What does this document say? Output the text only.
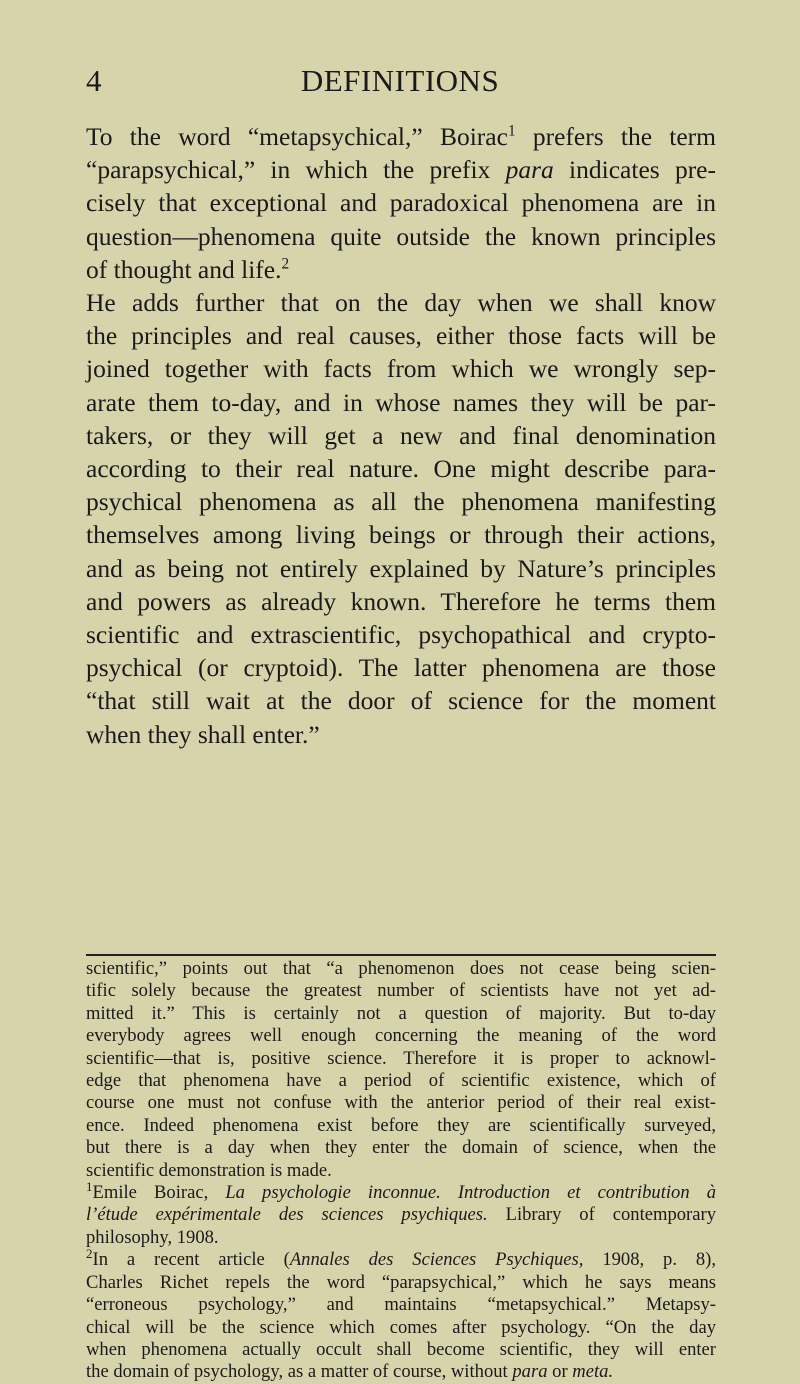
4	DEFINITIONS

To the word “metapsychical,” Boirac$^1$ prefers the term
“parapsychical,” in which the prefix para indicates pre-
cisely that exceptional and paradoxical phenomena are in
question—phenomena quite outside the known principles
of thought and life.$^2$

He adds further that on the day when we shall know
the principles and real causes, either those facts will be
joined together with facts from which we wrongly sep-
arate them to-day, and in whose names they will be par-
takers, or they will get a new and final denomination
according to their real nature. One might describe para-
psychical phenomena as all the phenomena manifesting
themselves among living beings or through their actions,
and as being not entirely explained by Nature’s principles
and powers as already known. Therefore he terms them
scientific and extrascientific, psychopathical and crypto-
psychical (or cryptoid). The latter phenomena are those
“that still wait at the door of science for the moment
when they shall enter.”

scientific,” points out that “a phenomenon does not cease being scien-
tific solely because the greatest number of scientists have not yet ad-
mitted it.” This is certainly not a question of majority. But to-day
everybody agrees well enough concerning the meaning of the word
scientific—that is, positive science. Therefore it is proper to acknowl-
edge that phenomena have a period of scientific existence, which of
course one must not confuse with the anterior period of their real exist-
ence. Indeed phenomena exist before they are scientifically surveyed,
but there is a day when they enter the domain of science, when the
scientific demonstration is made.

$^1$Emile Boirac, La psychologie inconnue. Introduction et contribution à
l’étude expérimentale des sciences psychiques. Library of contemporary
philosophy, 1908.

$^2$In a recent article (Annales des Sciences Psychiques, 1908, p. 8),
Charles Richet repels the word “parapsychical,” which he says means
“erroneous psychology,” and maintains “metapsychical.” Metapsy-
chical will be the science which comes after psychology. “On the day
when phenomena actually occult shall become scientific, they will enter
the domain of psychology, as a matter of course, without para or meta.
